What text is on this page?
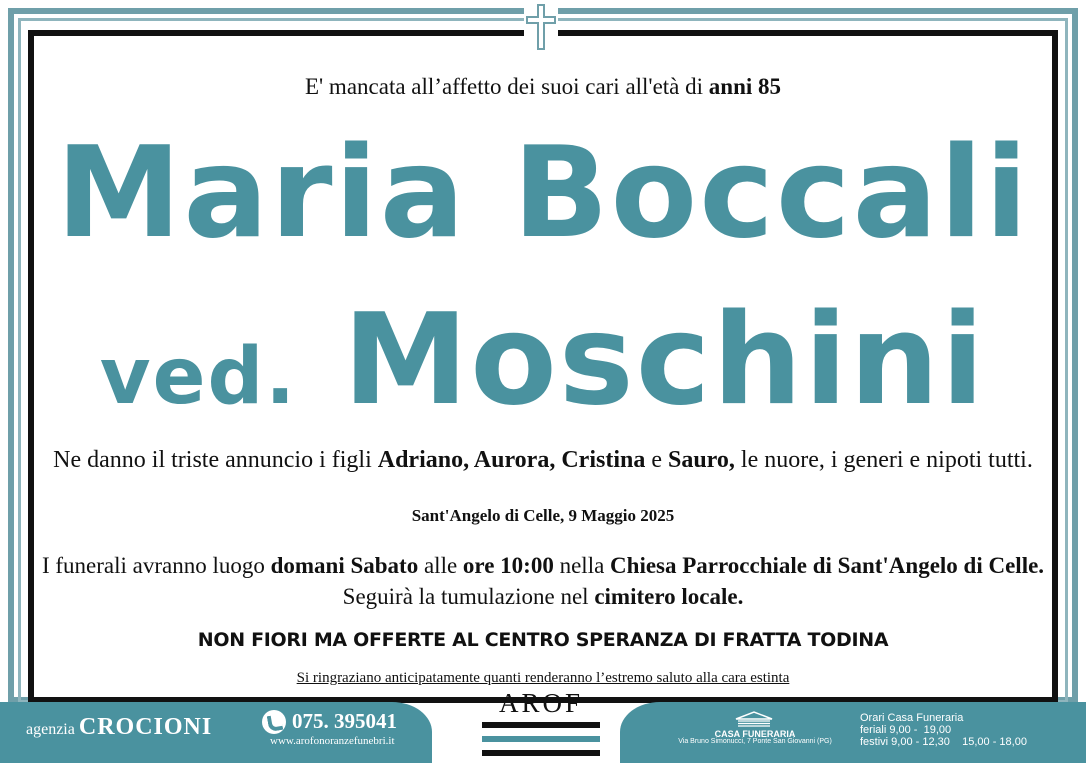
E' mancata all’affetto dei suoi cari all'età di anni 85
Maria Boccali
ved. Moschini
Ne danno il triste annuncio i figli Adriano, Aurora, Cristina e Sauro, le nuore, i generi e nipoti tutti.
Sant'Angelo di Celle, 9 Maggio 2025
I funerali avranno luogo domani Sabato alle ore 10:00 nella Chiesa Parrocchiale di Sant'Angelo di Celle.
Seguirà la tumulazione nel cimitero locale.
NON FIORI MA OFFERTE AL CENTRO SPERANZA DI FRATTA TODINA
Si ringraziano anticipatamente quanti renderanno l’estremo saluto alla cara estinta
agenzia CROCIONI	075. 395041
www.arofonoranzefunebri.it
AROF
CASA FUNERARIA
Via Bruno Simonucci, 7 Ponte San Giovanni (PG)
Orari Casa Funeraria
feriali 9,00 -  19,00
festivi 9,00 - 12,30    15,00 - 18,00
